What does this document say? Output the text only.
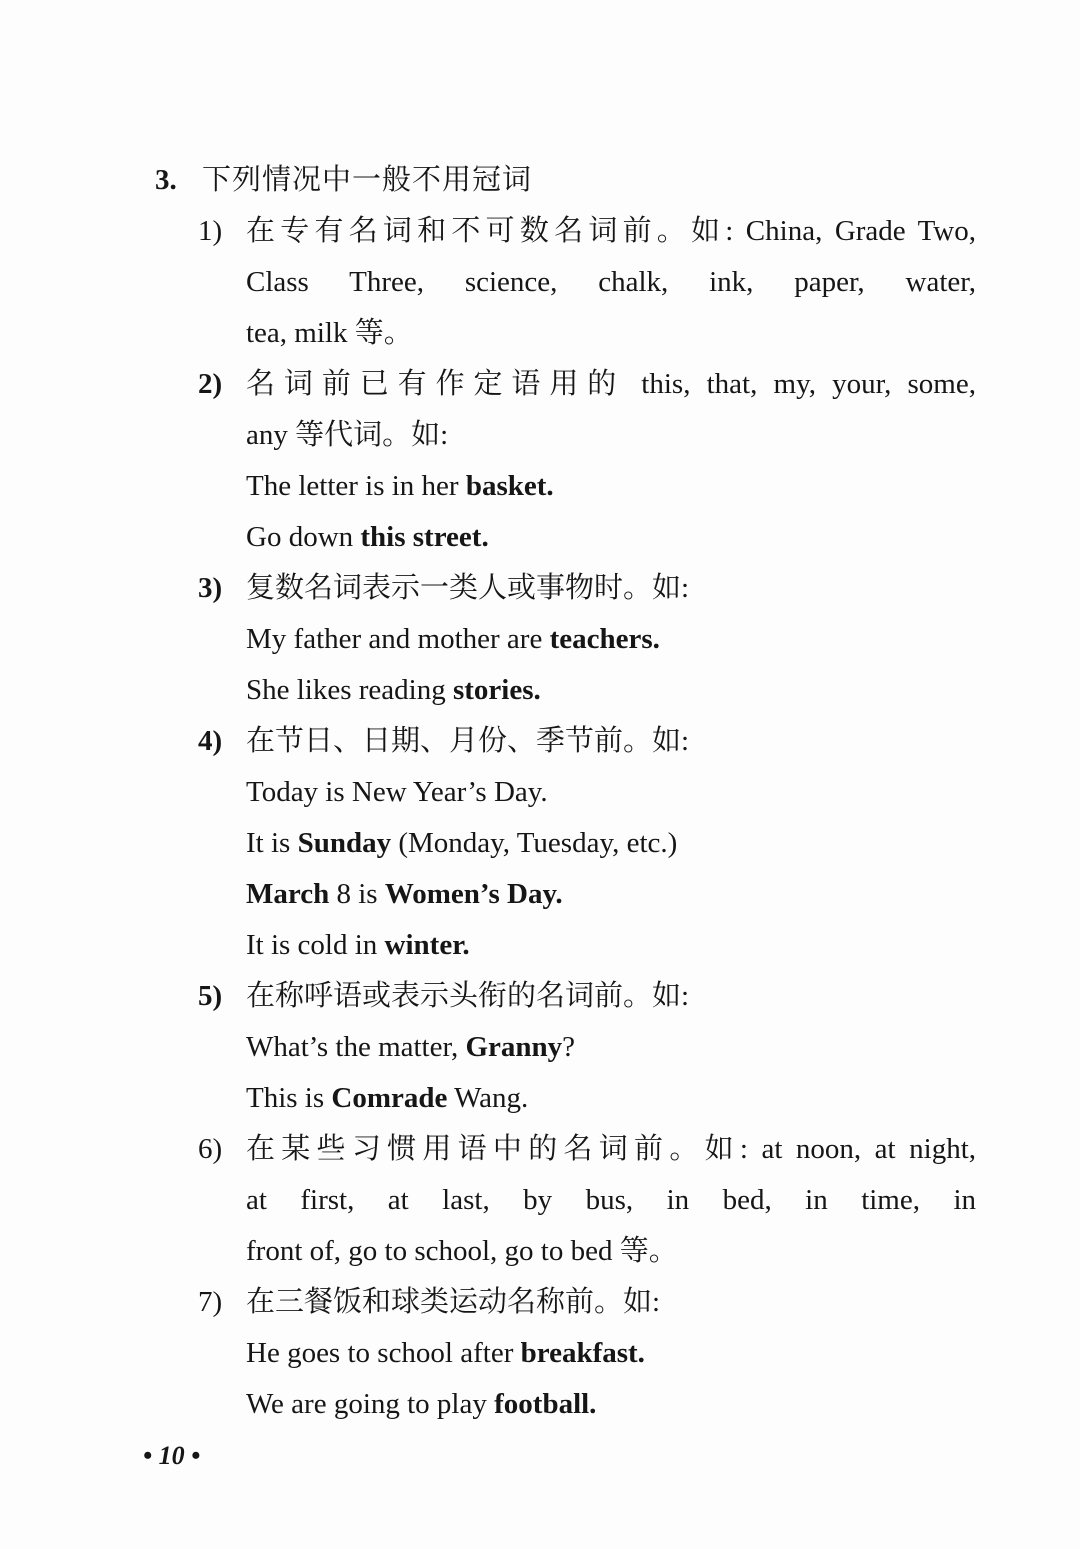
3. 下列情况中一般不用冠词
1) 在专有名词和不可数名词前。如: China, Grade Two,
Class Three, science, chalk, ink, paper, water,
tea, milk 等。
2) 名词前已有作定语用的 this, that, my, your, some,
any 等代词。如:
The letter is in her basket.
Go down this street.
3) 复数名词表示一类人或事物时。如:
My father and mother are teachers.
She likes reading stories.
4) 在节日、日期、月份、季节前。如:
Today is New Year’s Day.
It is Sunday (Monday, Tuesday, etc.)
March 8 is Women’s Day.
It is cold in winter.
5) 在称呼语或表示头衔的名词前。如:
What’s the matter, Granny?
This is Comrade Wang.
6) 在某些习惯用语中的名词前。如: at noon, at night,
at first, at last, by bus, in bed, in time, in
front of, go to school, go to bed 等。
7) 在三餐饭和球类运动名称前。如:
He goes to school after breakfast.
We are going to play football.
• 10 •
